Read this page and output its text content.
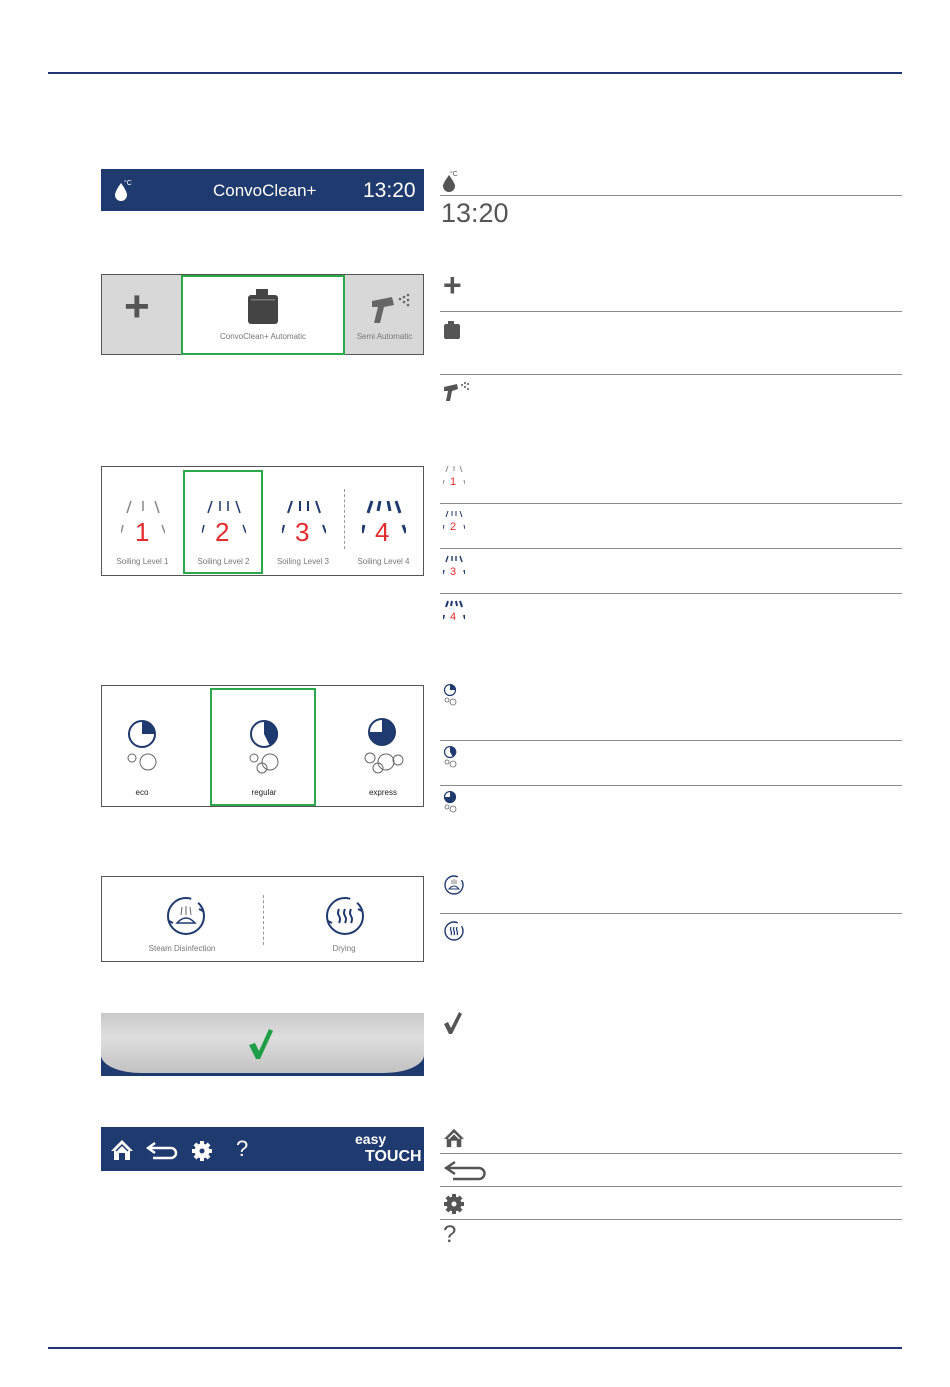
°C	ConvoClean+ 13:20
°C
13:20
+
ConvoClean+ Automatic	Semi Automatic
+
1
Soiling Level 1
2
Soiling Level 2
3
Soiling Level 3
4
Soiling Level 4
1
2
3
4
eco	regular	express
Steam Disinfection	Drying
?	easy
TOUCH
?
